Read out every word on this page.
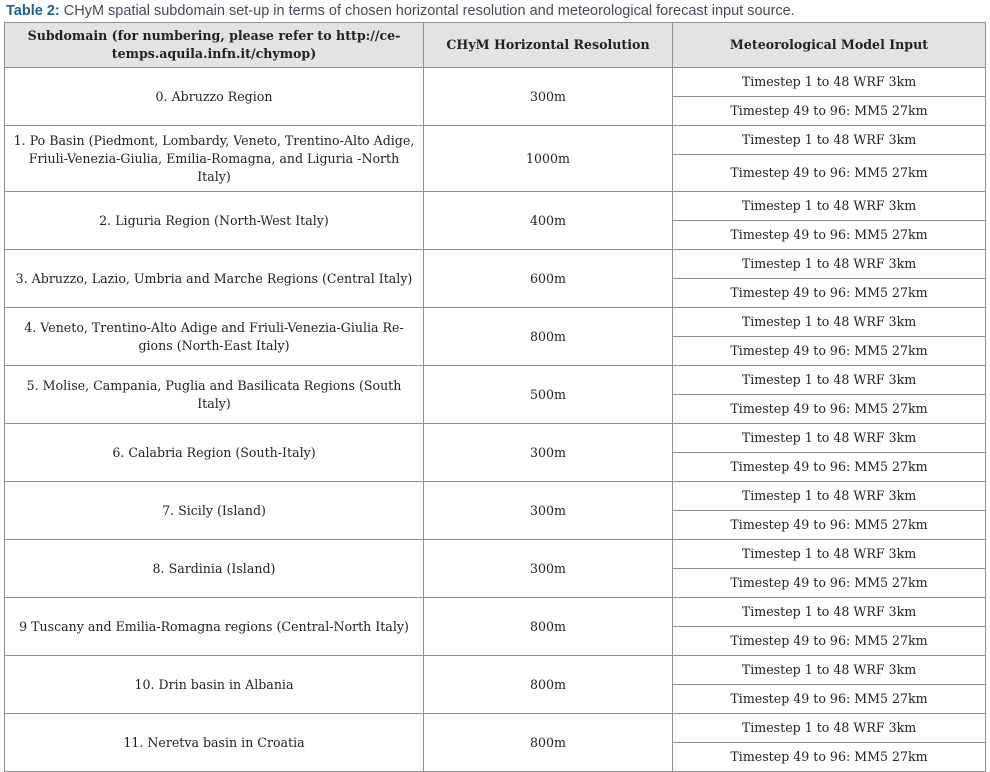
Table 2: CHyM spatial subdomain set-up in terms of chosen horizontal resolution and meteorological forecast input source.
Subdomain (for numbering, please refer to http://ce-temps.aquila.infn.it/chymop)	CHyM Horizontal Resolution	Meteorological Model Input
0. Abruzzo Region	300m	Timestep 1 to 48 WRF 3km
		Timestep 49 to 96: MM5 27km
1. Po Basin (Piedmont, Lombardy, Veneto, Trentino-Alto Adige, Friuli-Venezia-Giulia, Emilia-Romagna, and Liguria -North Italy)	1000m	Timestep 1 to 48 WRF 3km
		Timestep 49 to 96: MM5 27km
2. Liguria Region (North-West Italy)	400m	Timestep 1 to 48 WRF 3km
		Timestep 49 to 96: MM5 27km
3. Abruzzo, Lazio, Umbria and Marche Regions (Central Italy)	600m	Timestep 1 to 48 WRF 3km
		Timestep 49 to 96: MM5 27km
4. Veneto, Trentino-Alto Adige and Friuli-Venezia-Giulia Re-gions (North-East Italy)	800m	Timestep 1 to 48 WRF 3km
		Timestep 49 to 96: MM5 27km
5. Molise, Campania, Puglia and Basilicata Regions (South Italy)	500m	Timestep 1 to 48 WRF 3km
		Timestep 49 to 96: MM5 27km
6. Calabria Region (South-Italy)	300m	Timestep 1 to 48 WRF 3km
		Timestep 49 to 96: MM5 27km
7. Sicily (Island)	300m	Timestep 1 to 48 WRF 3km
		Timestep 49 to 96: MM5 27km
8. Sardinia (Island)	300m	Timestep 1 to 48 WRF 3km
		Timestep 49 to 96: MM5 27km
9 Tuscany and Emilia-Romagna regions (Central-North Italy)	800m	Timestep 1 to 48 WRF 3km
		Timestep 49 to 96: MM5 27km
10. Drin basin in Albania	800m	Timestep 1 to 48 WRF 3km
		Timestep 49 to 96: MM5 27km
11. Neretva basin in Croatia	800m	Timestep 1 to 48 WRF 3km
		Timestep 49 to 96: MM5 27km
